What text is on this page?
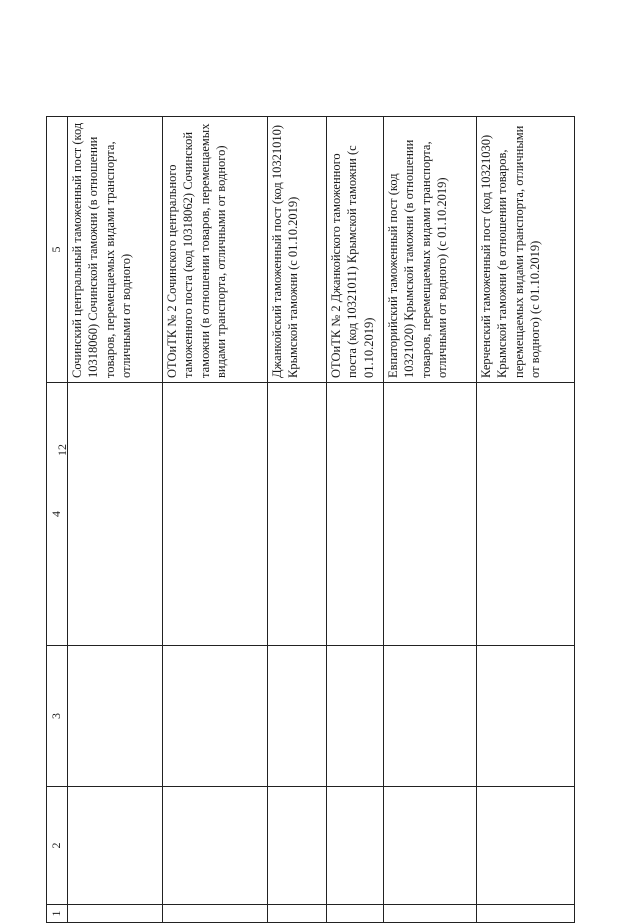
12
1	2	3	4	5
				Сочинский центральный таможенный пост (код 10318060) Сочинской таможни (в отношении товаров, перемещаемых видами транспорта, отличными от водного)
				ОТОиТК № 2 Сочинского центрального таможенного поста (код 10318062) Сочинской таможни (в отношении товаров, перемещаемых видами транспорта, отличными от водного)
				Джанкойский таможенный пост (код 10321010) Крымской таможни (с 01.10.2019)
				ОТОиТК № 2 Джанкойского таможенного поста (код 10321011) Крымской таможни (с 01.10.2019)
				Евпаторийский таможенный пост (код 10321020) Крымской таможни (в отношении товаров, перемещаемых видами транспорта, отличными от водного) (с 01.10.2019)
				Керченский таможенный пост (код 10321030) Крымской таможни (в отношении товаров, перемещаемых видами транспорта, отличными от водного) (с 01.10.2019)
